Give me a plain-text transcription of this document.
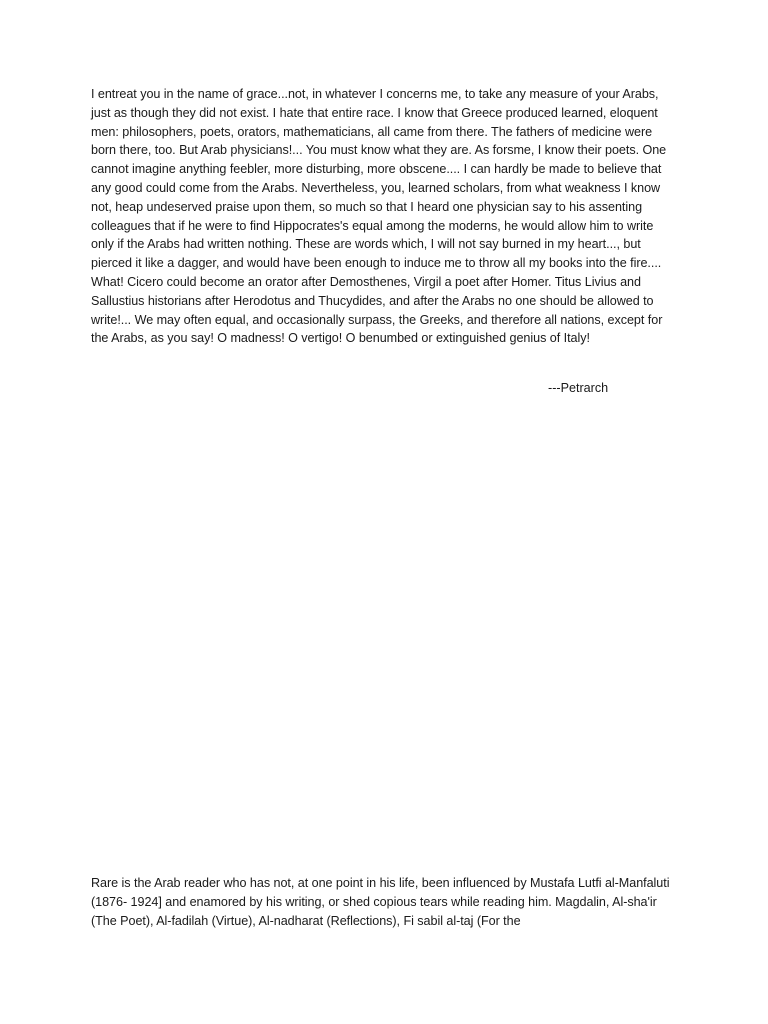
I entreat you in the name of grace...not, in whatever I concerns me, to take any measure of your Arabs, just as though they did not exist. I hate that entire race. I know that Greece produced learned, eloquent men: philosophers, poets, orators, mathematicians, all came from there. The fathers of medicine were born there, too. But Arab physicians!... You must know what they are. As forsme, I know their poets. One cannot imagine anything feebler, more disturbing, more obscene.... I can hardly be made to believe that any good could come from the Arabs. Nevertheless, you, learned scholars, from what weakness I know not, heap undeserved praise upon them, so much so that I heard one physician say to his assenting colleagues that if he were to find Hippocrates's equal among the moderns, he would allow him to write only if the Arabs had written nothing. These are words which, I will not say burned in my heart..., but pierced it like a dagger, and would have been enough to induce me to throw all my books into the fire.... What! Cicero could become an orator after Demosthenes, Virgil a poet after Homer. Titus Livius and Sallustius historians after Herodotus and Thucydides, and after the Arabs no one should be allowed to write!... We may often equal, and occasionally surpass, the Greeks, and therefore all nations, except for the Arabs, as you say! O madness! O vertigo! O benumbed or extinguished genius of Italy!

---Petrarch

Rare is the Arab reader who has not, at one point in his life, been influenced by Mustafa Lutfi al-Manfaluti (1876- 1924] and enamored by his writing, or shed copious tears while reading him. Magdalin, Al-sha'ir (The Poet), Al-fadilah (Virtue), Al-nadharat (Reflections), Fi sabil al-taj (For the
